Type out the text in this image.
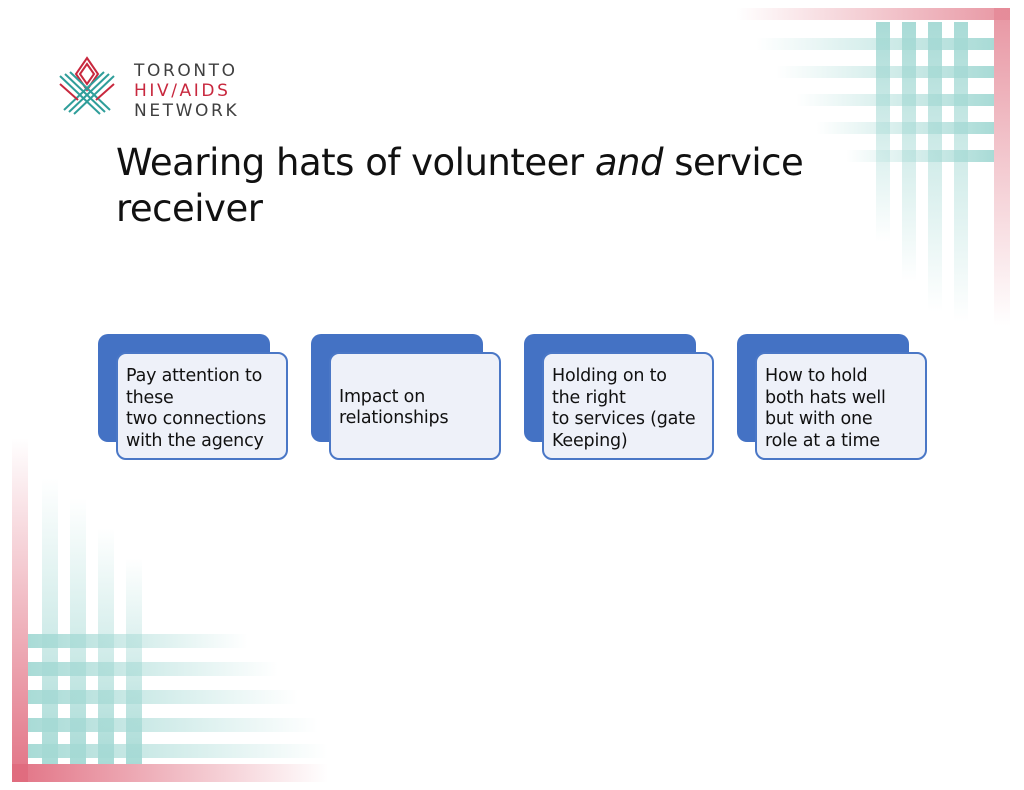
TORONTO
HIV/AIDS
NETWORK
Wearing hats of volunteer and service receiver
Pay attention to
these
two connections
with the agency
Impact on
relationships
Holding on to
the right
to services (gate
Keeping)
How to hold
both hats well
but with one
role at a time
